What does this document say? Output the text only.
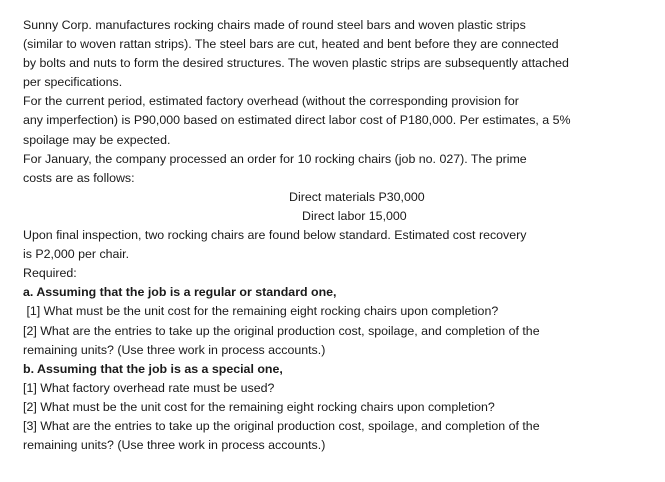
Sunny Corp. manufactures rocking chairs made of round steel bars and woven plastic strips
(similar to woven rattan strips). The steel bars are cut, heated and bent before they are connected
by bolts and nuts to form the desired structures. The woven plastic strips are subsequently attached
per specifications.
For the current period, estimated factory overhead (without the corresponding provision for
any imperfection) is P90,000 based on estimated direct labor cost of P180,000. Per estimates, a 5%
spoilage may be expected.
For January, the company processed an order for 10 rocking chairs (job no. 027). The prime
costs are as follows:
Direct materials P30,000
Direct labor 15,000
Upon final inspection, two rocking chairs are found below standard. Estimated cost recovery
is P2,000 per chair.
Required:
a. Assuming that the job is a regular or standard one,
[1] What must be the unit cost for the remaining eight rocking chairs upon completion?
[2] What are the entries to take up the original production cost, spoilage, and completion of the
remaining units? (Use three work in process accounts.)
b. Assuming that the job is as a special one,
[1] What factory overhead rate must be used?
[2] What must be the unit cost for the remaining eight rocking chairs upon completion?
[3] What are the entries to take up the original production cost, spoilage, and completion of the
remaining units? (Use three work in process accounts.)
